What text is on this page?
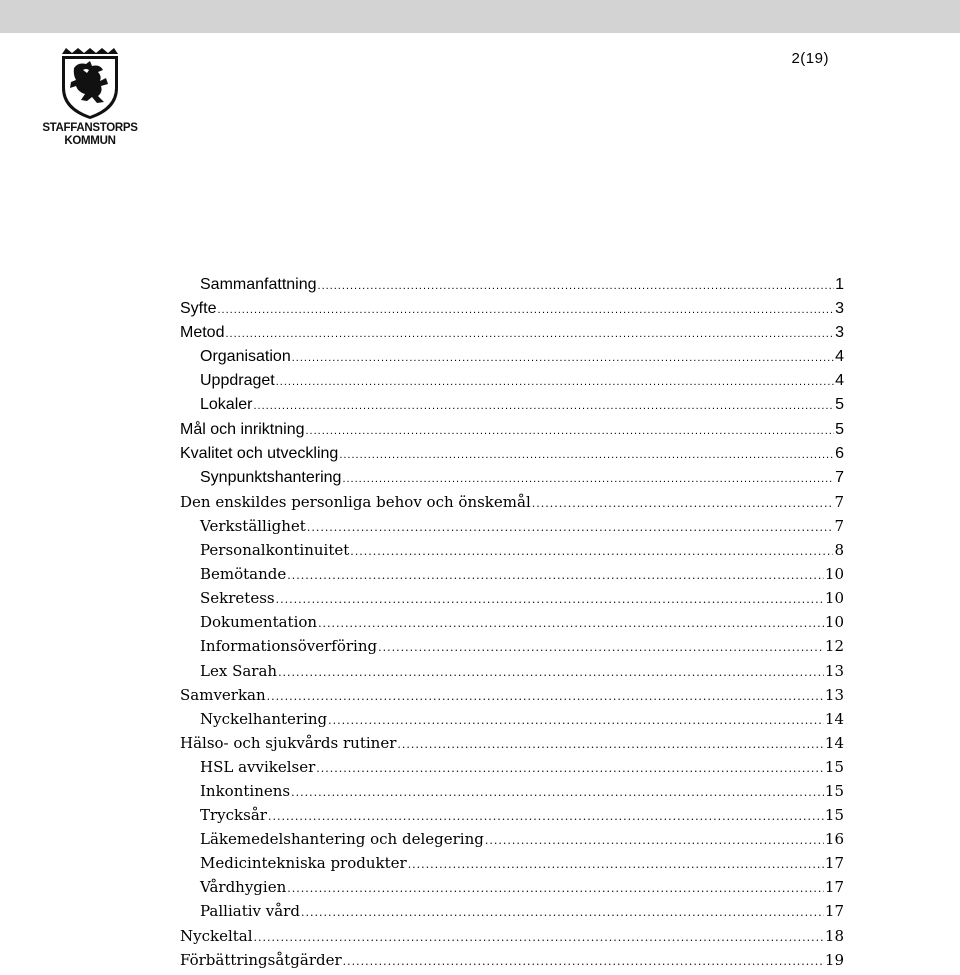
2(19)
STAFFANSTORPS
KOMMUN
Sammanfattning .....	1
Syfte .....	3
Metod .....	3
Organisation .....	4
Uppdraget .....	4
Lokaler .....	5
Mål och inriktning .....	5
Kvalitet och utveckling .....	6
Synpunktshantering .....	7
Den enskildes personliga behov och önskemål .....	7
Verkställighet .....	7
Personalkontinuitet .....	8
Bemötande .....	10
Sekretess .....	10
Dokumentation .....	10
Informationsöverföring .....	12
Lex Sarah .....	13
Samverkan .....	13
Nyckelhantering .....	14
Hälso- och sjukvårds rutiner .....	14
HSL avvikelser .....	15
Inkontinens .....	15
Trycksår .....	15
Läkemedelshantering och delegering .....	16
Medicintekniska produkter .....	17
Vårdhygien .....	17
Palliativ vård .....	17
Nyckeltal .....	18
Förbättringsåtgärder .....	19
